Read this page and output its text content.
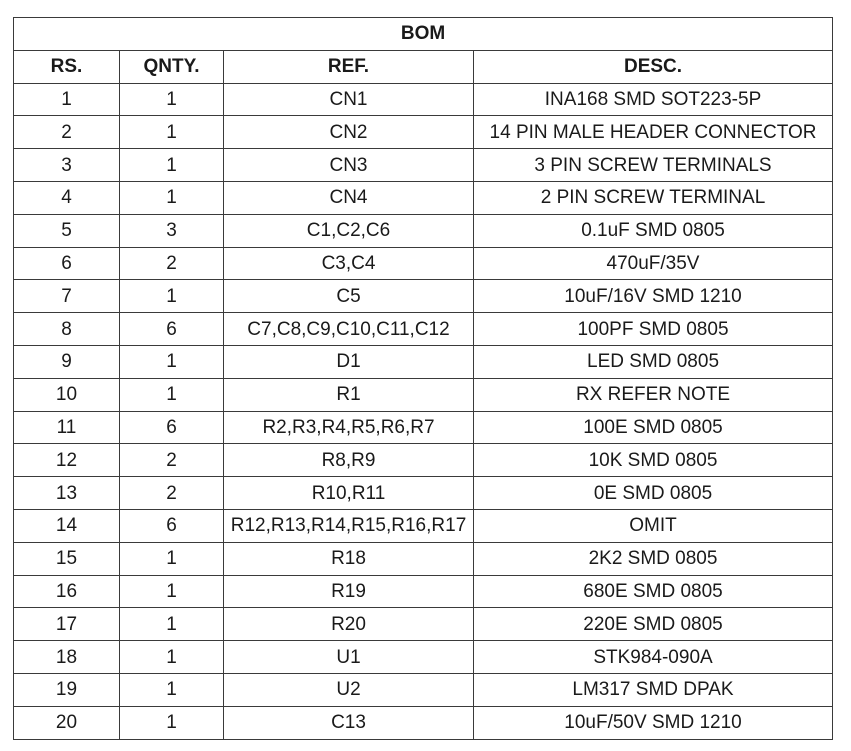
BOM			
RS.	QNTY.	REF.	DESC.
1	1	CN1	INA168 SMD SOT223-5P
2	1	CN2	14 PIN MALE HEADER CONNECTOR
3	1	CN3	3 PIN SCREW TERMINALS
4	1	CN4	2 PIN SCREW TERMINAL
5	3	C1,C2,C6	0.1uF SMD 0805
6	2	C3,C4	470uF/35V
7	1	C5	10uF/16V SMD 1210
8	6	C7,C8,C9,C10,C11,C12	100PF SMD 0805
9	1	D1	LED SMD 0805
10	1	R1	RX REFER NOTE
11	6	R2,R3,R4,R5,R6,R7	100E SMD 0805
12	2	R8,R9	10K SMD 0805
13	2	R10,R11	0E SMD 0805
14	6	R12,R13,R14,R15,R16,R17	OMIT
15	1	R18	2K2 SMD 0805
16	1	R19	680E SMD 0805
17	1	R20	220E SMD 0805
18	1	U1	STK984-090A
19	1	U2	LM317 SMD DPAK
20	1	C13	10uF/50V SMD 1210
